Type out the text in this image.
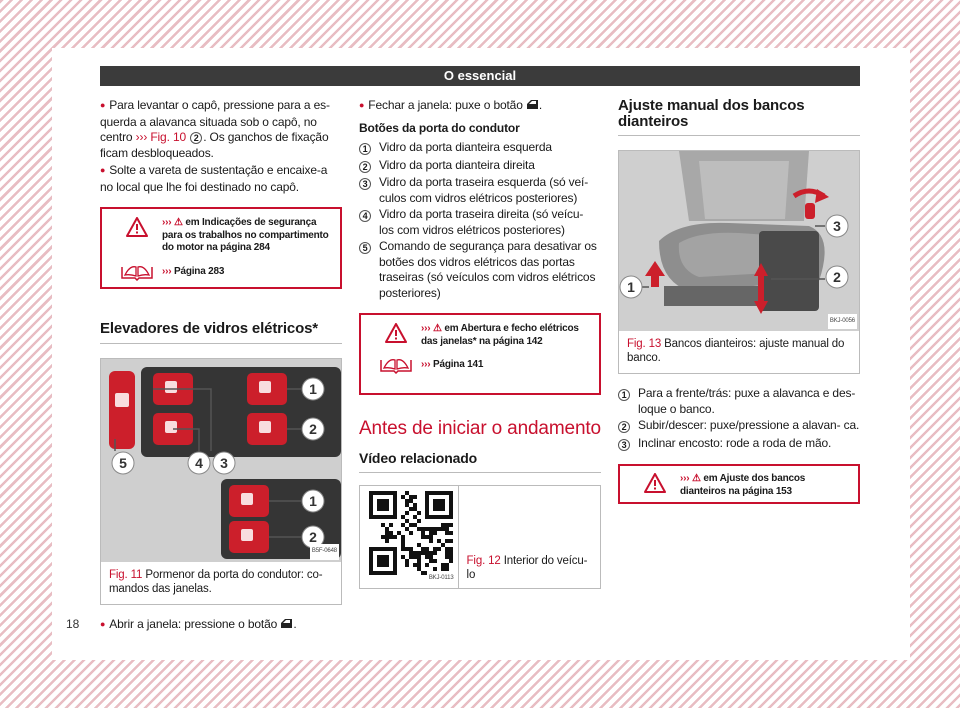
O essencial

● Para levantar o capô, pressione para a es- querda a alavanca situada sob o capô, no centro ››› Fig. 10 2 . Os ganchos de fixação ficam desbloqueados.

● Solte a vareta de sustentação e encaixe-a no local que lhe foi destinado no capô.

››› ⚠ em Indicações de segurança para os trabalhos no compartimento do motor na página 284
››› Página 283
Elevadores de vidros elétricos*
1
2
3
4
5
1
2
B5F-0648
Fig. 11 Pormenor da porta do condutor: co- mandos das janelas.

● Abrir a janela: pressione o botão .

● Fechar a janela: puxe o botão .

Botões da porta do condutor

1 Vidro da porta dianteira esquerda
2 Vidro da porta dianteira direita
3 Vidro da porta traseira esquerda (só veí- culos com vidros elétricos posteriores)
4 Vidro da porta traseira direita (só veícu- los com vidros elétricos posteriores)
5 Comando de segurança para desativar os botões dos vidros elétricos das portas traseiras (só veículos com vidros elétricos posteriores)
››› ⚠ em Abertura e fecho elétricos das janelas* na página 142
››› Página 141
Antes de iniciar o andamento
Vídeo relacionado
BKJ-0113
Fig. 12 Interior do veícu- lo
Ajuste manual dos bancos dianteiros
1
2
3
BKJ-0056
Fig. 13 Bancos dianteiros: ajuste manual do banco.
1 Para a frente/trás: puxe a alavanca e des- loque o banco.
2 Subir/descer: puxe/pressione a alavan- ca.
3 Inclinar encosto: rode a roda de mão.
››› ⚠ em Ajuste dos bancos dianteiros na página 153
18
